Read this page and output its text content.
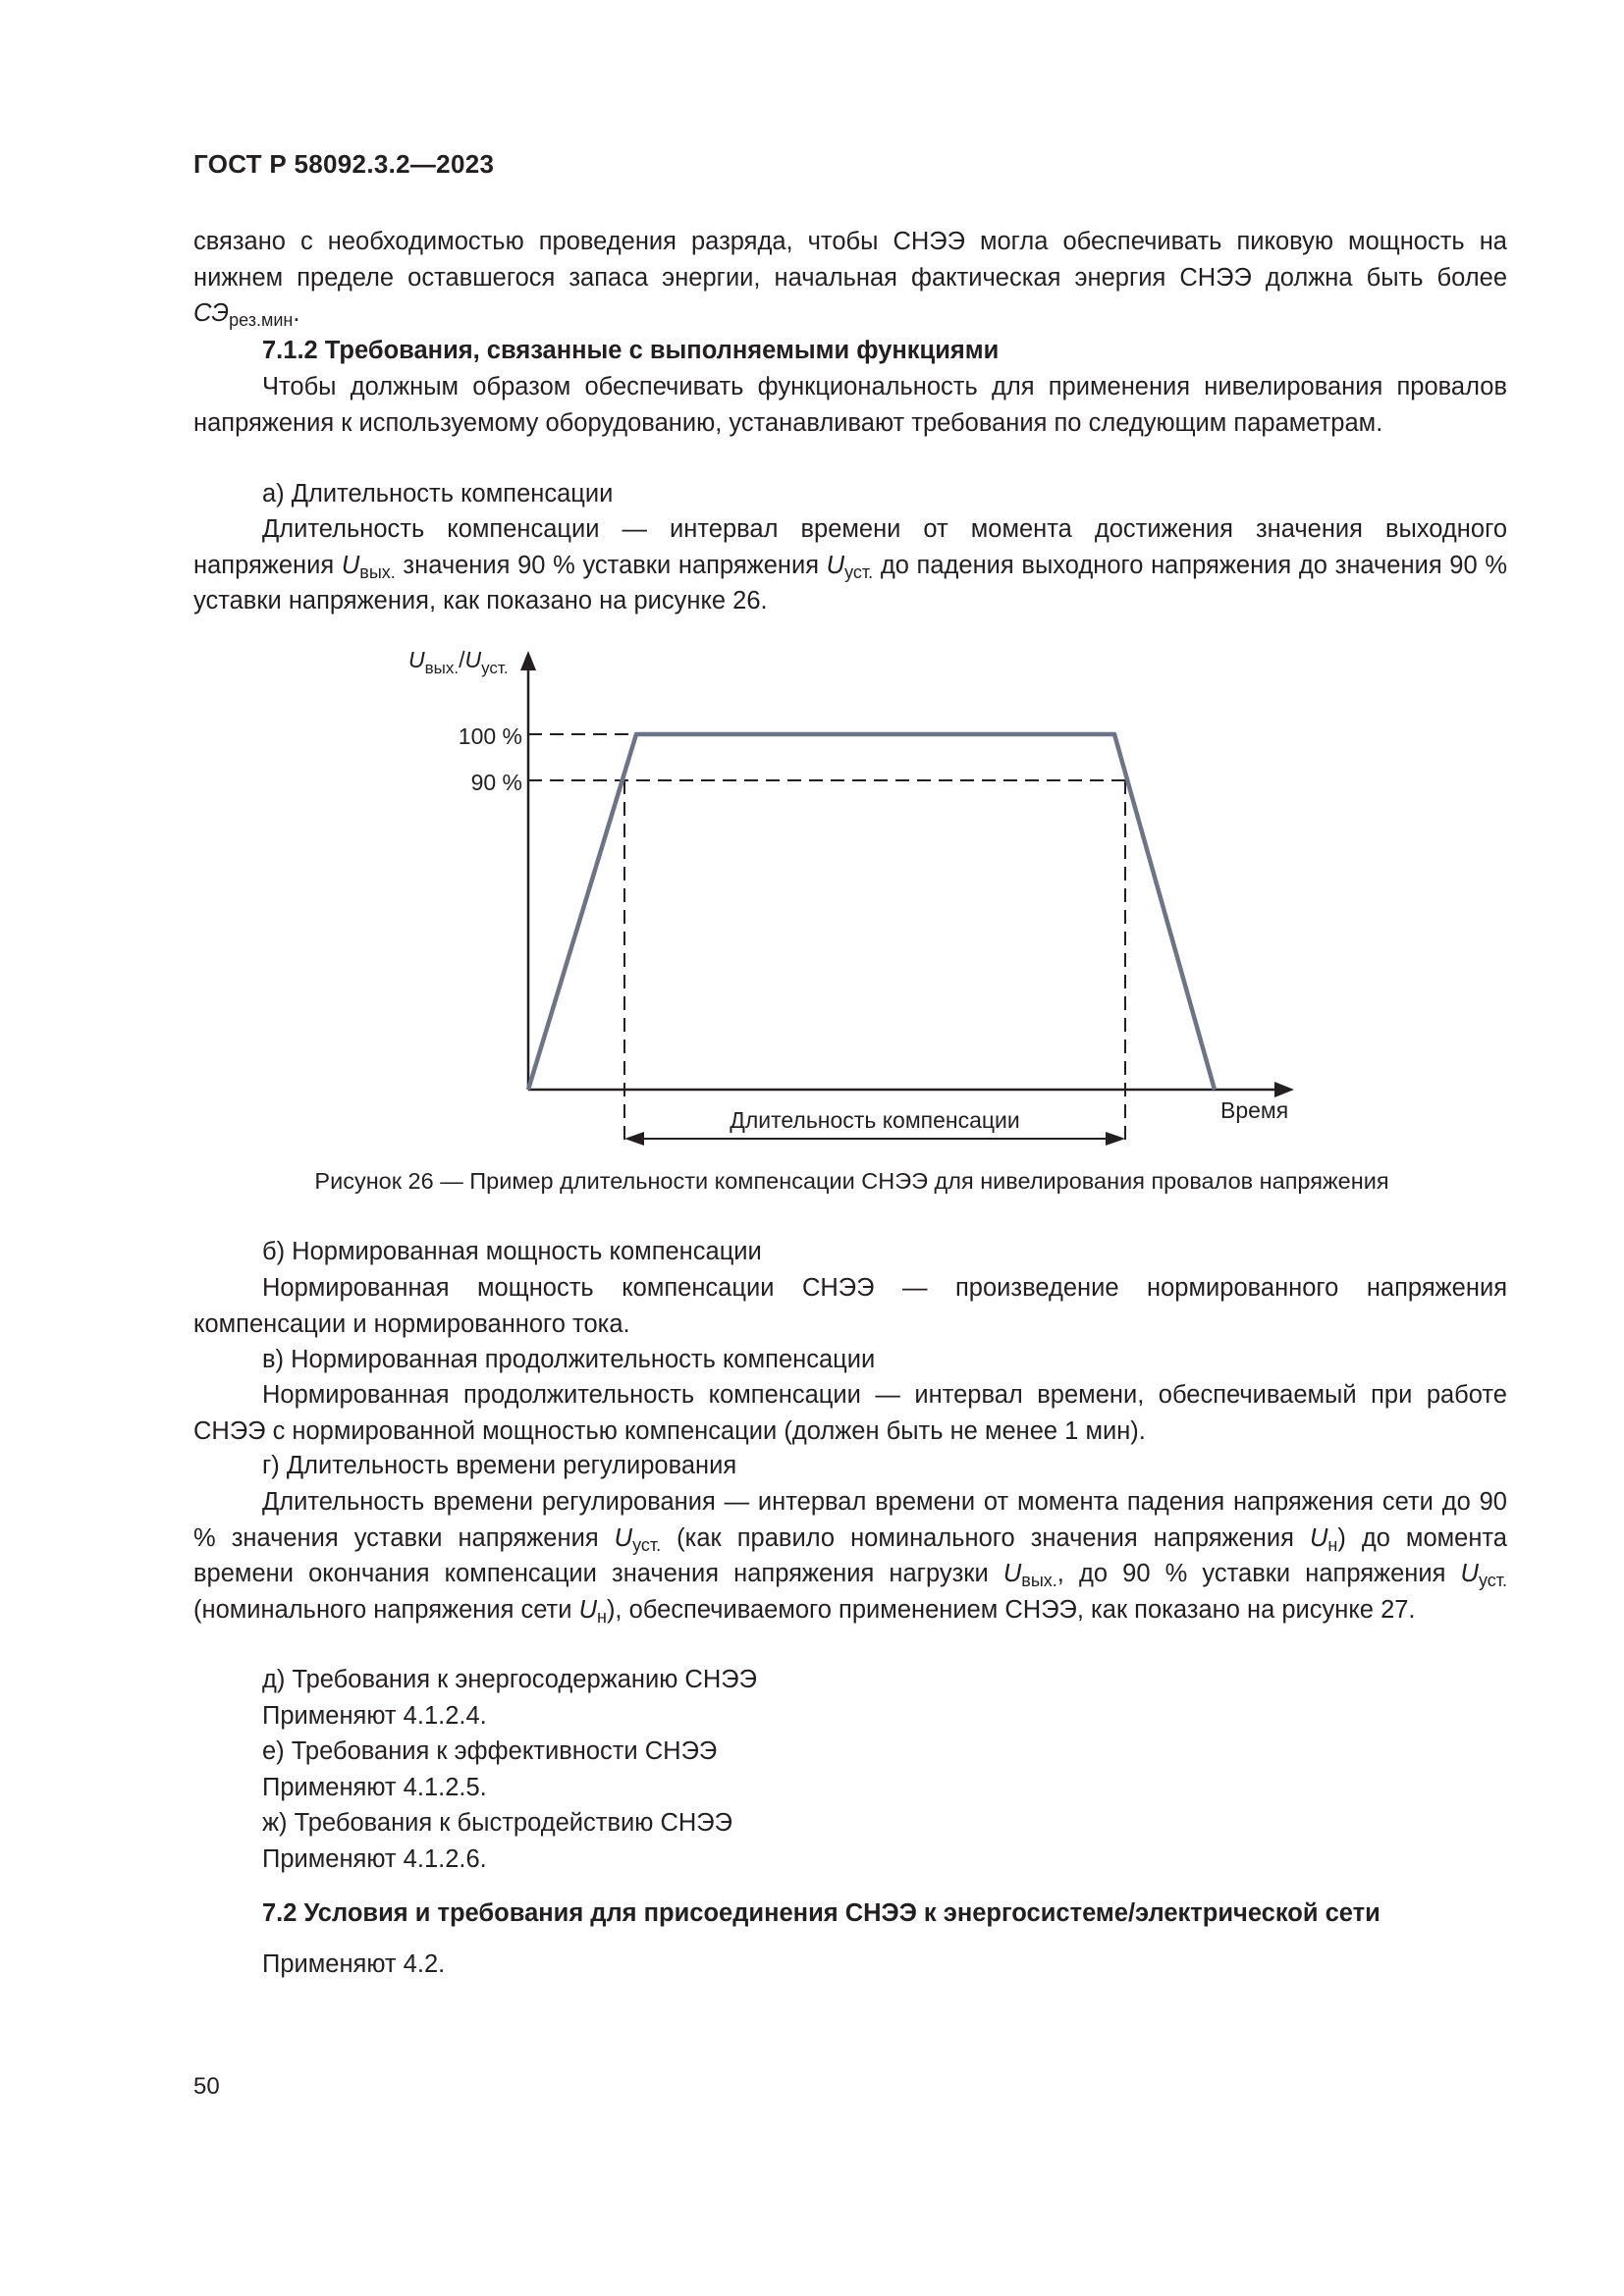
ГОСТ Р 58092.3.2—2023
связано с необходимостью проведения разряда, чтобы СНЭЭ могла обеспечивать пиковую мощность на нижнем пределе оставшегося запаса энергии, начальная фактическая энергия СНЭЭ должна быть более $СЭ_{рез.мин}$.
7.1.2 Требования, связанные с выполняемыми функциями
Чтобы должным образом обеспечивать функциональность для применения нивелирования провалов напряжения к используемому оборудованию, устанавливают требования по следующим параметрам.
а) Длительность компенсации
Длительность компенсации — интервал времени от момента достижения значения выходного напряжения $U_{вых.}$ значения 90 % уставки напряжения $U_{уст.}$ до падения выходного напряжения до значения 90 % уставки напряжения, как показано на рисунке 26.
$U_{вых.}/U_{уст.}$
100 %
90 %
Время
Длительность компенсации
Рисунок 26 — Пример длительности компенсации СНЭЭ для нивелирования провалов напряжения
б) Нормированная мощность компенсации
Нормированная мощность компенсации СНЭЭ — произведение нормированного напряжения компенсации и нормированного тока.
в) Нормированная продолжительность компенсации
Нормированная продолжительность компенсации — интервал времени, обеспечиваемый при работе СНЭЭ с нормированной мощностью компенсации (должен быть не менее 1 мин).
г) Длительность времени регулирования
Длительность времени регулирования — интервал времени от момента падения напряжения сети до 90 % значения уставки напряжения $U_{уст.}$ (как правило номинального значения напряжения $U_н$) до момента времени окончания компенсации значения напряжения нагрузки $U_{вых.}$, до 90 % уставки напряжения $U_{уст.}$ (номинального напряжения сети $U_н$), обеспечиваемого применением СНЭЭ, как показано на рисунке 27.
д) Требования к энергосодержанию СНЭЭ
Применяют 4.1.2.4.
е) Требования к эффективности СНЭЭ
Применяют 4.1.2.5.
ж) Требования к быстродействию СНЭЭ
Применяют 4.1.2.6.
7.2 Условия и требования для присоединения СНЭЭ к энергосистеме/электрической сети
Применяют 4.2.
50
